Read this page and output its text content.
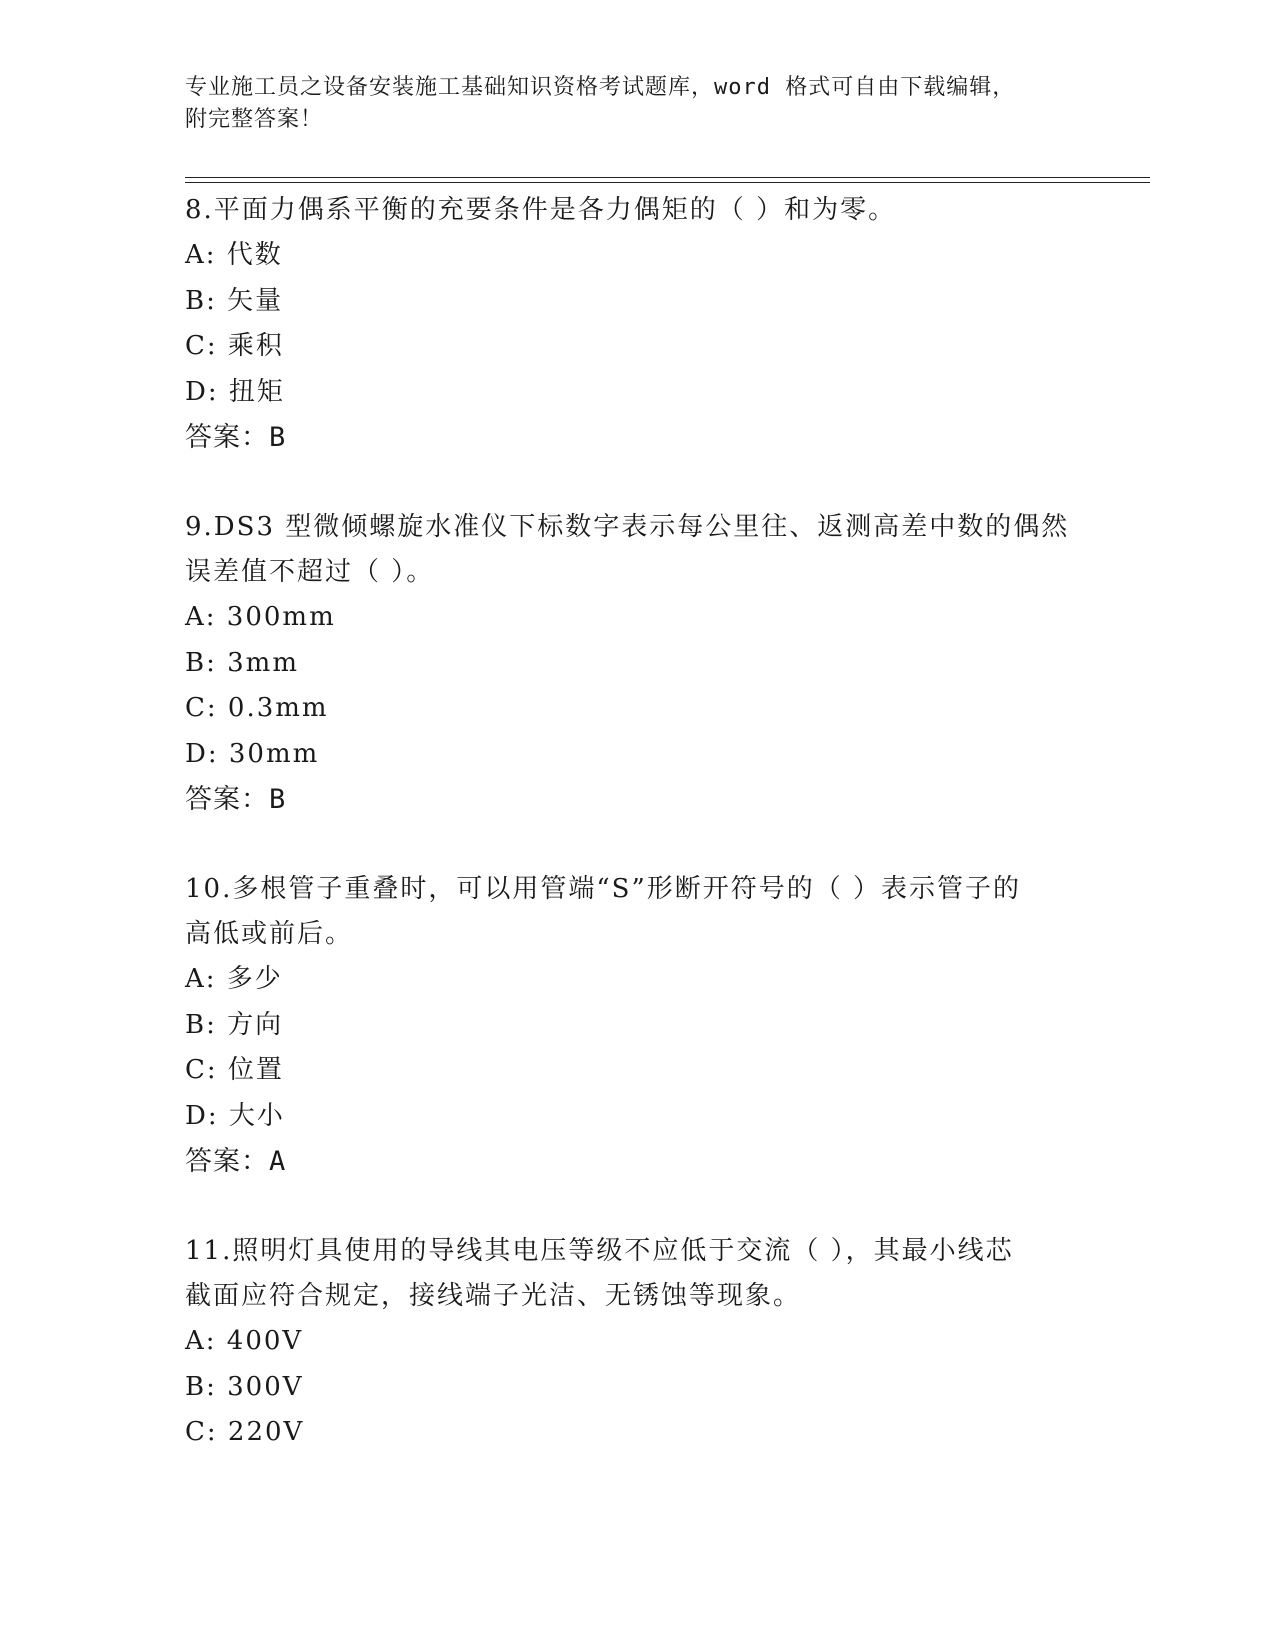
专业施工员之设备安装施工基础知识资格考试题库，word 格式可自由下载编辑，
附完整答案！
8.平面力偶系平衡的充要条件是各力偶矩的（ ）和为零。
A: 代数
B: 矢量
C: 乘积
D: 扭矩
答案：B
9.DS3 型微倾螺旋水准仪下标数字表示每公里往、返测高差中数的偶然
误差值不超过（ ）。
A: 300mm
B: 3mm
C: 0.3mm
D: 30mm
答案：B
10.多根管子重叠时，可以用管端“S”形断开符号的（ ）表示管子的
高低或前后。
A: 多少
B: 方向
C: 位置
D: 大小
答案：A
11.照明灯具使用的导线其电压等级不应低于交流（ ），其最小线芯
截面应符合规定，接线端子光洁、无锈蚀等现象。
A: 400V
B: 300V
C: 220V
